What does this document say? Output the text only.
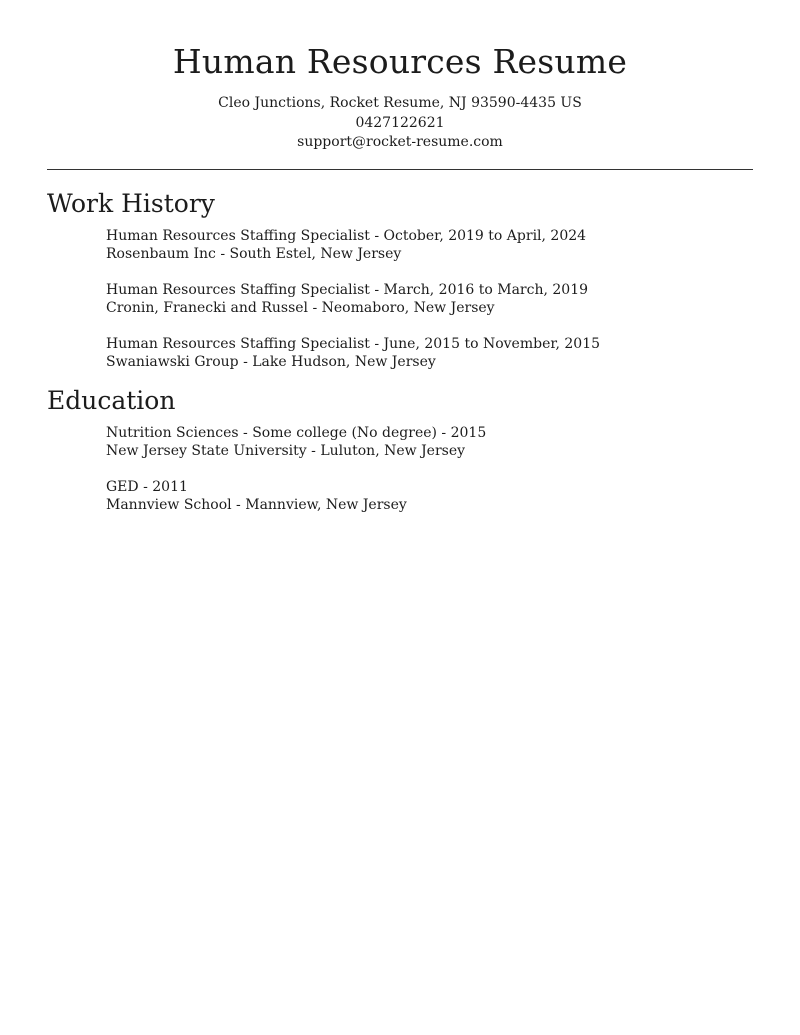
Human Resources Resume
Cleo Junctions, Rocket Resume, NJ 93590-4435 US
0427122621
support@rocket-resume.com
Work History
Human Resources Staffing Specialist - October, 2019 to April, 2024
Rosenbaum Inc - South Estel, New Jersey
Human Resources Staffing Specialist - March, 2016 to March, 2019
Cronin, Franecki and Russel - Neomaboro, New Jersey
Human Resources Staffing Specialist - June, 2015 to November, 2015
Swaniawski Group - Lake Hudson, New Jersey
Education
Nutrition Sciences - Some college (No degree) - 2015
New Jersey State University - Luluton, New Jersey
GED - 2011
Mannview School - Mannview, New Jersey
